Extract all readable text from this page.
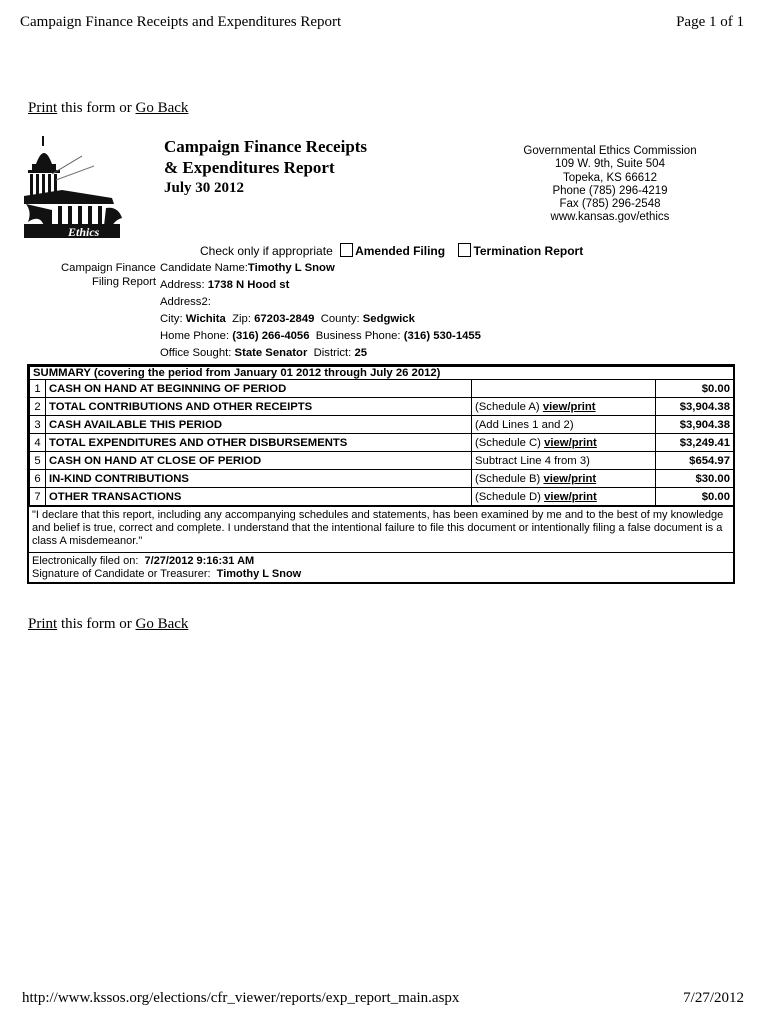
Campaign Finance Receipts and Expenditures Report	Page 1 of 1
Print this form or Go Back
Ethics
Campaign Finance Receipts
& Expenditures Report
July 30 2012
Governmental Ethics Commission
109 W. 9th, Suite 504
Topeka, KS 66612
Phone (785) 296-4219
Fax (785) 296-2548
www.kansas.gov/ethics
Check only if appropriate Amended Filing Termination Report
Campaign Finance
Filing Report
Candidate Name:Timothy L Snow
Address: 1738 N Hood st
Address2:
City: Wichita Zip: 67203-2849 County: Sedgwick
Home Phone: (316) 266-4056 Business Phone: (316) 530-1455
Office Sought: State Senator District: 25
SUMMARY (covering the period from January 01 2012 through July 26 2012)			
1	CASH ON HAND AT BEGINNING OF PERIOD		$0.00
2	TOTAL CONTRIBUTIONS AND OTHER RECEIPTS	(Schedule A) view/print	$3,904.38
3	CASH AVAILABLE THIS PERIOD	(Add Lines 1 and 2)	$3,904.38
4	TOTAL EXPENDITURES AND OTHER DISBURSEMENTS	(Schedule C) view/print	$3,249.41
5	CASH ON HAND AT CLOSE OF PERIOD	Subtract Line 4 from 3)	$654.97
6	IN-KIND CONTRIBUTIONS	(Schedule B) view/print	$30.00
7	OTHER TRANSACTIONS	(Schedule D) view/print	$0.00
"I declare that this report, including any accompanying schedules and statements, has been examined by me and to the best of my knowledge and belief is true, correct and complete. I understand that the intentional failure to file this document or intentionally filing a false document is a class A misdemeanor."
Electronically filed on: 7/27/2012 9:16:31 AM
Signature of Candidate or Treasurer: Timothy L Snow
Print this form or Go Back
http://www.kssos.org/elections/cfr_viewer/reports/exp_report_main.aspx	7/27/2012
